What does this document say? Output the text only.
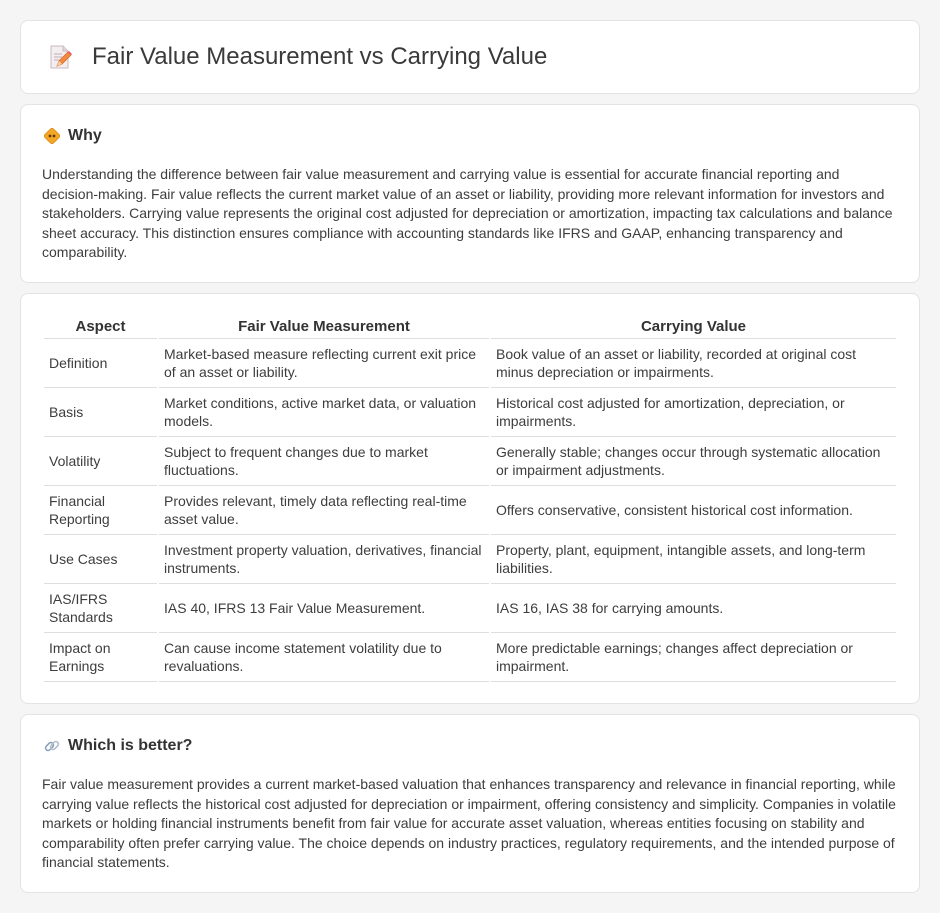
Fair Value Measurement vs Carrying Value
Why

Understanding the difference between fair value measurement and carrying value is essential for accurate financial reporting and decision-making. Fair value reflects the current market value of an asset or liability, providing more relevant information for investors and stakeholders. Carrying value represents the original cost adjusted for depreciation or amortization, impacting tax calculations and balance sheet accuracy. This distinction ensures compliance with accounting standards like IFRS and GAAP, enhancing transparency and comparability.

Aspect	Fair Value Measurement	Carrying Value
Definition	Market-based measure reflecting current exit price of an asset or liability.	Book value of an asset or liability, recorded at original cost minus depreciation or impairments.
Basis	Market conditions, active market data, or valuation models.	Historical cost adjusted for amortization, depreciation, or impairments.
Volatility	Subject to frequent changes due to market fluctuations.	Generally stable; changes occur through systematic allocation or impairment adjustments.
Financial Reporting	Provides relevant, timely data reflecting real-time asset value.	Offers conservative, consistent historical cost information.
Use Cases	Investment property valuation, derivatives, financial instruments.	Property, plant, equipment, intangible assets, and long-term liabilities.
IAS/IFRS Standards	IAS 40, IFRS 13 Fair Value Measurement.	IAS 16, IAS 38 for carrying amounts.
Impact on Earnings	Can cause income statement volatility due to revaluations.	More predictable earnings; changes affect depreciation or impairment.
Which is better?

Fair value measurement provides a current market-based valuation that enhances transparency and relevance in financial reporting, while carrying value reflects the historical cost adjusted for depreciation or impairment, offering consistency and simplicity. Companies in volatile markets or holding financial instruments benefit from fair value for accurate asset valuation, whereas entities focusing on stability and comparability often prefer carrying value. The choice depends on industry practices, regulatory requirements, and the intended purpose of financial statements.
